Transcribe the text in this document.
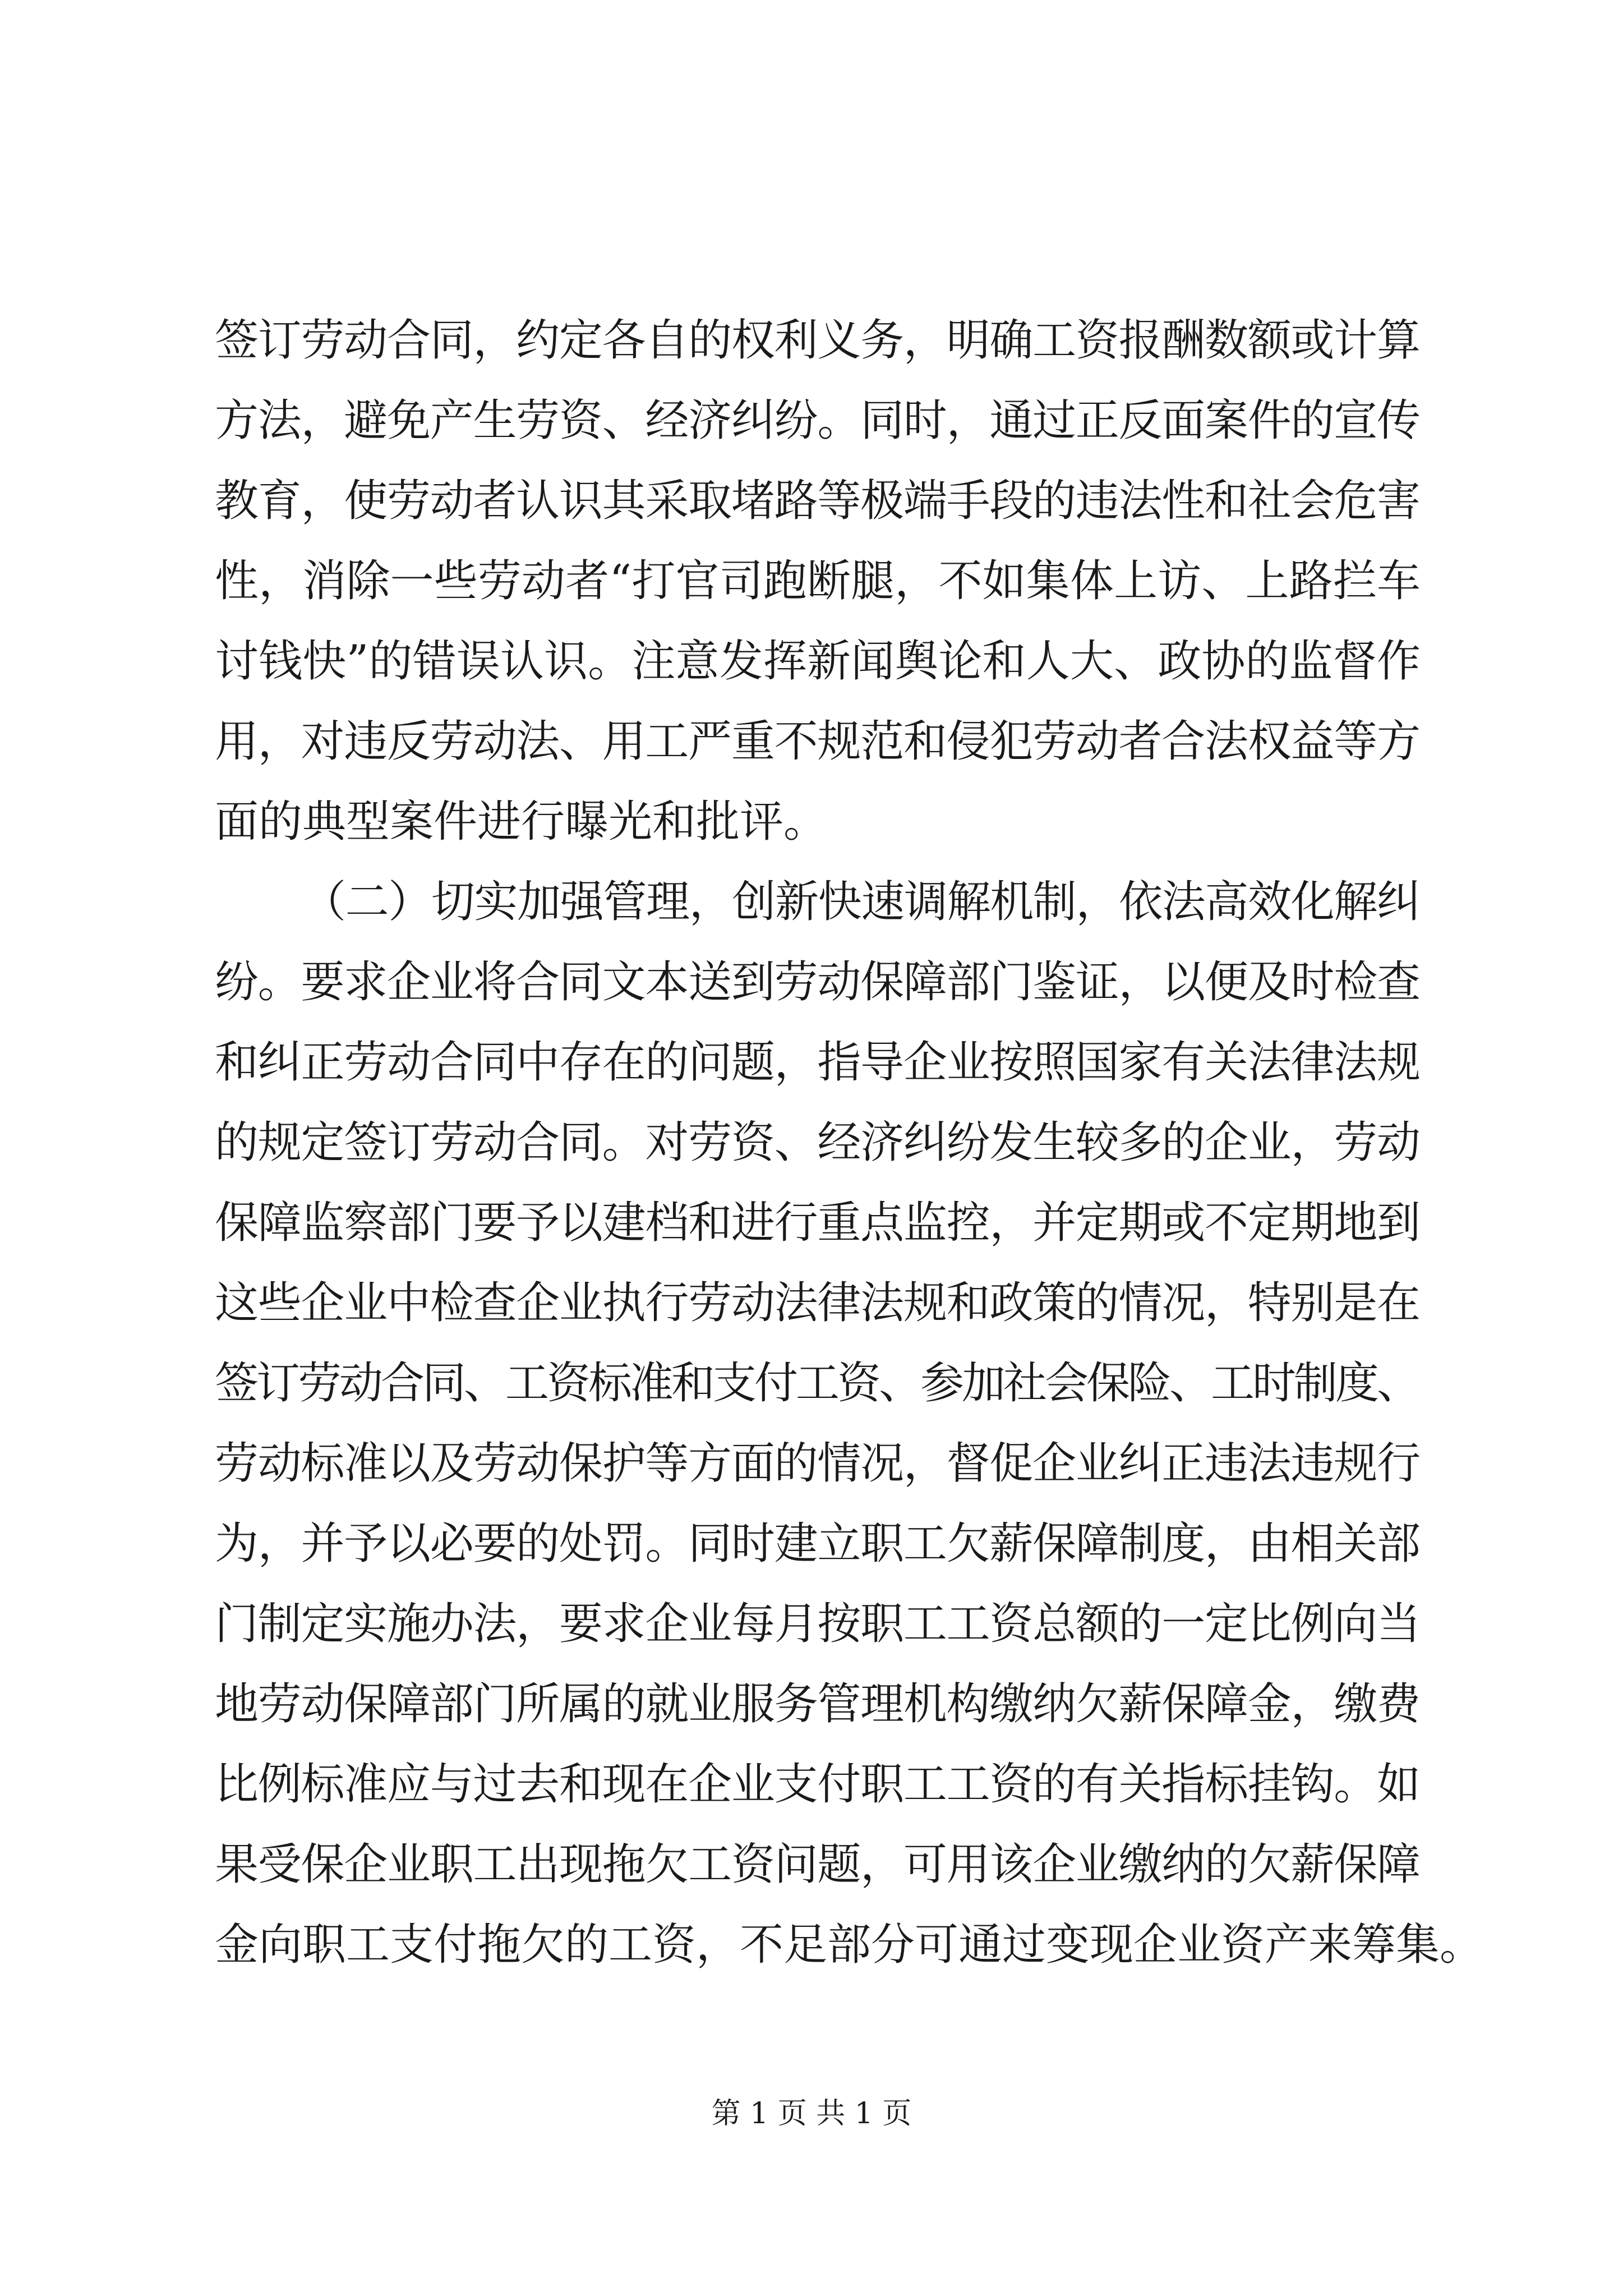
签订劳动合同，约定各自的权利义务，明确工资报酬数额或计算
方法，避免产生劳资、经济纠纷。同时，通过正反面案件的宣传
教育，使劳动者认识其采取堵路等极端手段的违法性和社会危害
性，消除一些劳动者“打官司跑断腿，不如集体上访、上路拦车
讨钱快”的错误认识。注意发挥新闻舆论和人大、政协的监督作
用，对违反劳动法、用工严重不规范和侵犯劳动者合法权益等方
面的典型案件进行曝光和批评。
（二）切实加强管理，创新快速调解机制，依法高效化解纠
纷。要求企业将合同文本送到劳动保障部门鉴证，以便及时检查
和纠正劳动合同中存在的问题，指导企业按照国家有关法律法规
的规定签订劳动合同。对劳资、经济纠纷发生较多的企业，劳动
保障监察部门要予以建档和进行重点监控，并定期或不定期地到
这些企业中检查企业执行劳动法律法规和政策的情况，特别是在
签订劳动合同、工资标准和支付工资、参加社会保险、工时制度、
劳动标准以及劳动保护等方面的情况，督促企业纠正违法违规行
为，并予以必要的处罚。同时建立职工欠薪保障制度，由相关部
门制定实施办法，要求企业每月按职工工资总额的一定比例向当
地劳动保障部门所属的就业服务管理机构缴纳欠薪保障金，缴费
比例标准应与过去和现在企业支付职工工资的有关指标挂钩。如
果受保企业职工出现拖欠工资问题，可用该企业缴纳的欠薪保障
金向职工支付拖欠的工资，不足部分可通过变现企业资产来筹集。
第 1 页 共 1 页
